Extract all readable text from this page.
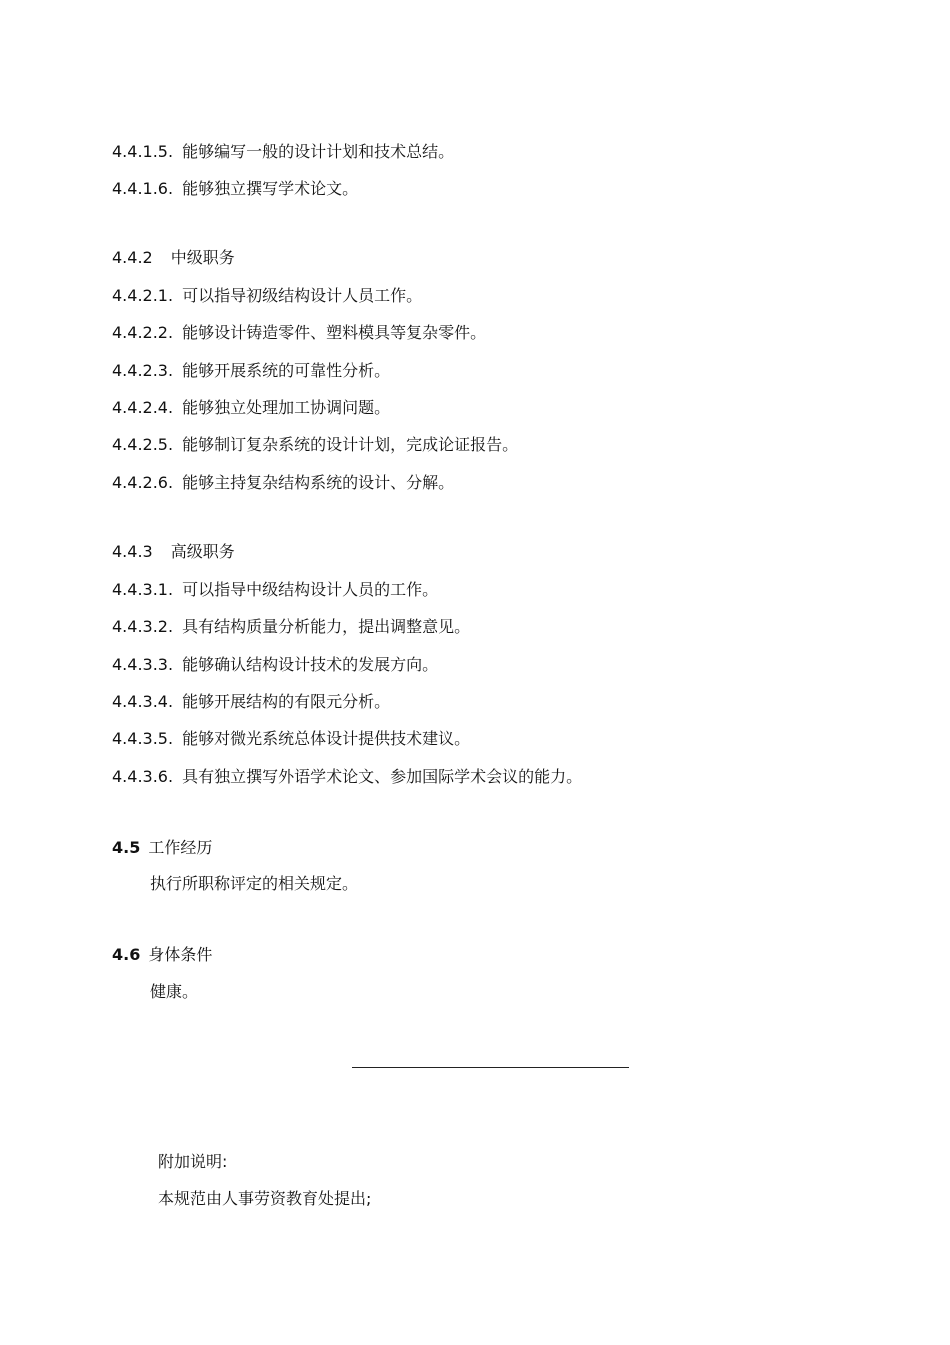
4.4.1.5. 能够编写一般的设计计划和技术总结。
4.4.1.6. 能够独立撰写学术论文。
4.4.2 中级职务
4.4.2.1. 可以指导初级结构设计人员工作。
4.4.2.2. 能够设计铸造零件、塑料模具等复杂零件。
4.4.2.3. 能够开展系统的可靠性分析。
4.4.2.4. 能够独立处理加工协调问题。
4.4.2.5. 能够制订复杂系统的设计计划，完成论证报告。
4.4.2.6. 能够主持复杂结构系统的设计、分解。
4.4.3 高级职务
4.4.3.1. 可以指导中级结构设计人员的工作。
4.4.3.2. 具有结构质量分析能力，提出调整意见。
4.4.3.3. 能够确认结构设计技术的发展方向。
4.4.3.4. 能够开展结构的有限元分析。
4.4.3.5. 能够对微光系统总体设计提供技术建议。
4.4.3.6. 具有独立撰写外语学术论文、参加国际学术会议的能力。
4.5 工作经历
执行所职称评定的相关规定。
4.6 身体条件
健康。
附加说明:
本规范由人事劳资教育处提出;
